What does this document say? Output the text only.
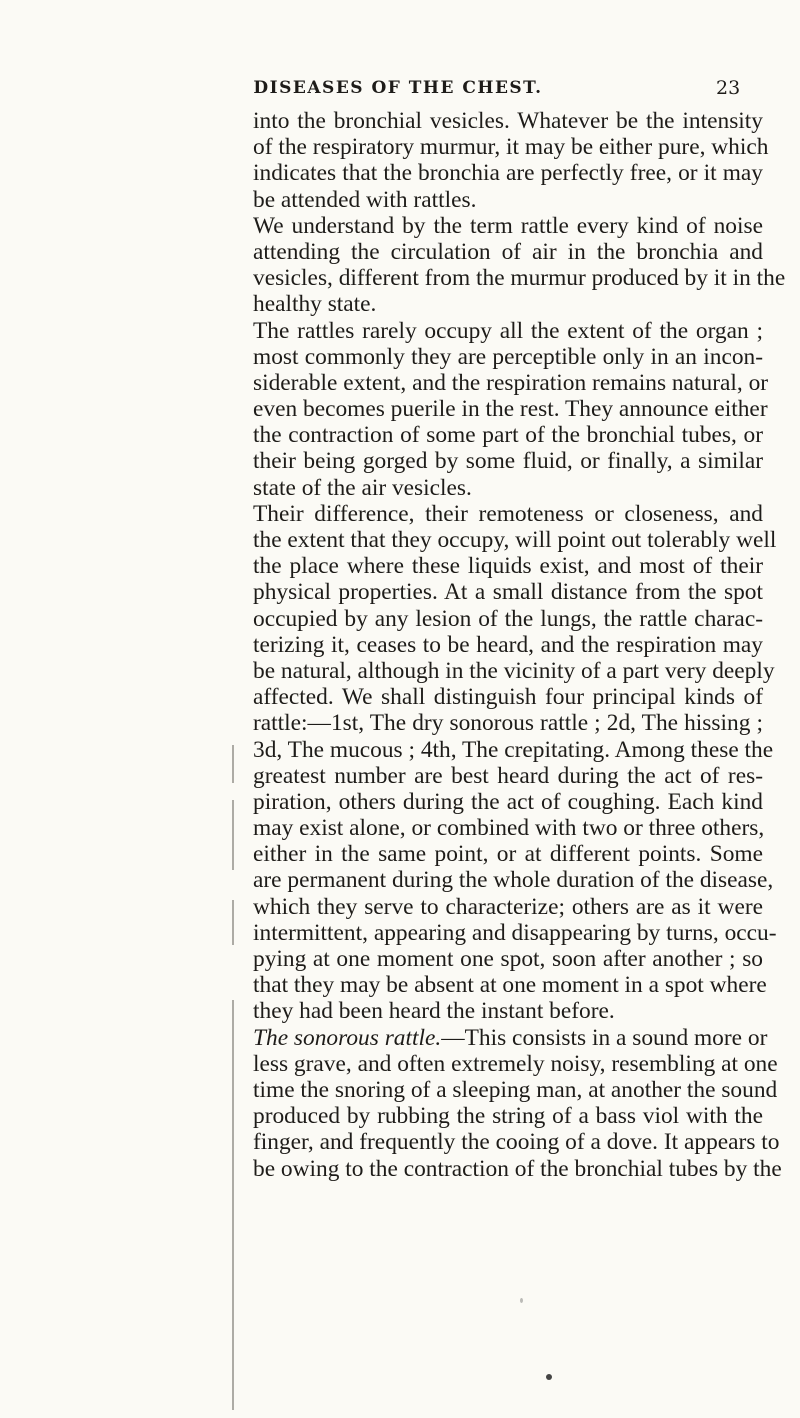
DISEASES OF THE CHEST.	23
into the bronchial vesicles. Whatever be the intensity
of the respiratory murmur, it may be either pure, which
indicates that the bronchia are perfectly free, or it may
be attended with rattles.
We understand by the term rattle every kind of noise
attending the circulation of air in the bronchia and
vesicles, different from the murmur produced by it in the
healthy state.
The rattles rarely occupy all the extent of the organ ;
most commonly they are perceptible only in an incon-
siderable extent, and the respiration remains natural, or
even becomes puerile in the rest. They announce either
the contraction of some part of the bronchial tubes, or
their being gorged by some fluid, or finally, a similar
state of the air vesicles.
Their difference, their remoteness or closeness, and
the extent that they occupy, will point out tolerably well
the place where these liquids exist, and most of their
physical properties. At a small distance from the spot
occupied by any lesion of the lungs, the rattle charac-
terizing it, ceases to be heard, and the respiration may
be natural, although in the vicinity of a part very deeply
affected. We shall distinguish four principal kinds of
rattle:—1st, The dry sonorous rattle ; 2d, The hissing ;
3d, The mucous ; 4th, The crepitating. Among these the
greatest number are best heard during the act of res-
piration, others during the act of coughing. Each kind
may exist alone, or combined with two or three others,
either in the same point, or at different points. Some
are permanent during the whole duration of the disease,
which they serve to characterize; others are as it were
intermittent, appearing and disappearing by turns, occu-
pying at one moment one spot, soon after another ; so
that they may be absent at one moment in a spot where
they had been heard the instant before.
The sonorous rattle.—This consists in a sound more or
less grave, and often extremely noisy, resembling at one
time the snoring of a sleeping man, at another the sound
produced by rubbing the string of a bass viol with the
finger, and frequently the cooing of a dove. It appears to
be owing to the contraction of the bronchial tubes by the
